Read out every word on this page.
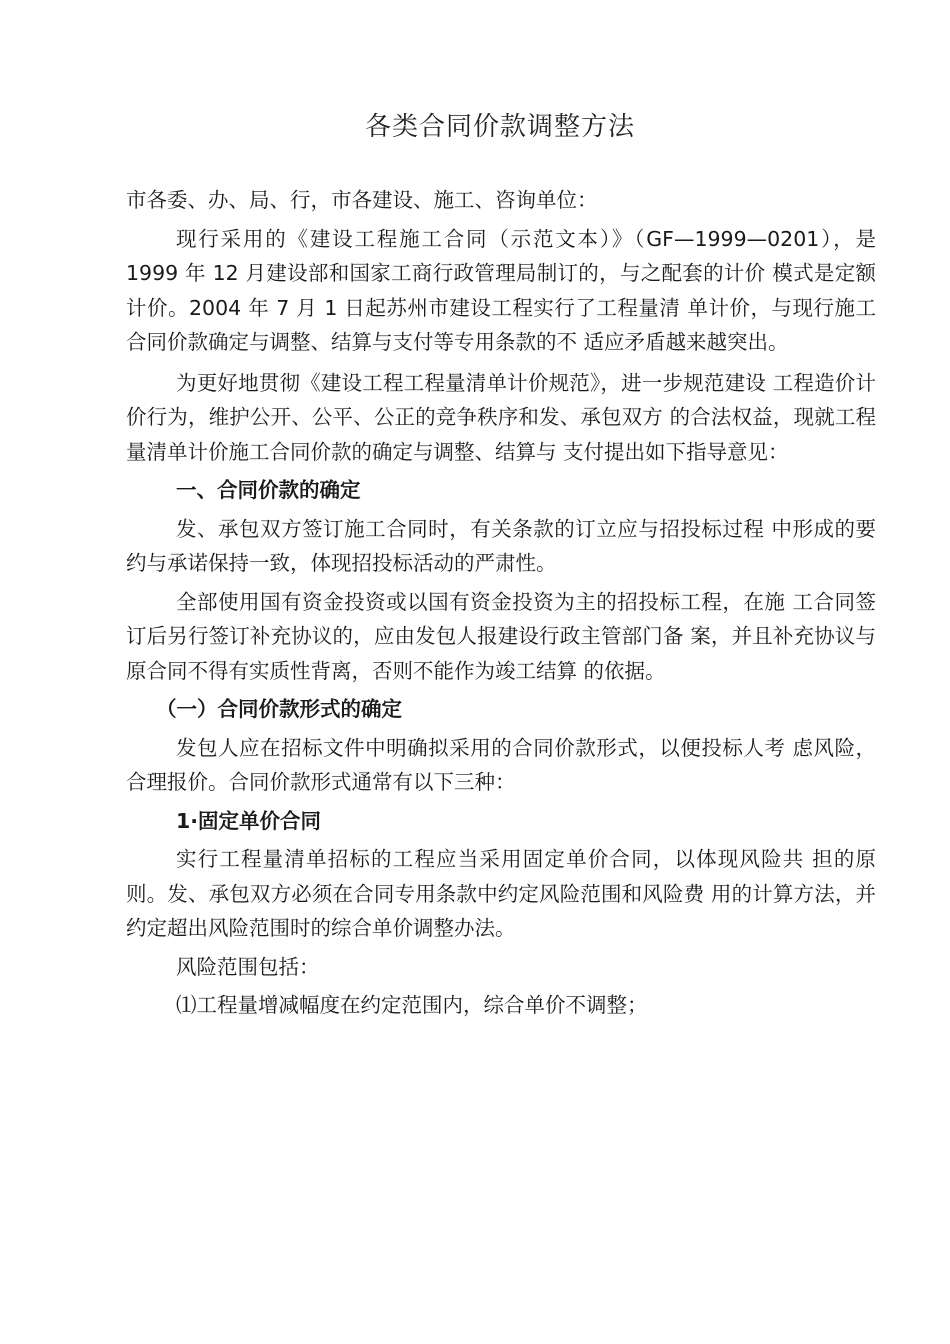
各类合同价款调整方法

市各委、办、局、行，市各建设、施工、咨询单位：

现行采用的《建设工程施工合同（示范文本）》（GF—1999—0201），是 1999 年 12 月建设部和国家工商行政管理局制订的，与之配套的计价 模式是定额计价。2004 年 7 月 1 日起苏州市建设工程实行了工程量清 单计价，与现行施工合同价款确定与调整、结算与支付等专用条款的不 适应矛盾越来越突出。

为更好地贯彻《建设工程工程量清单计价规范》，进一步规范建设 工程造价计价行为，维护公开、公平、公正的竞争秩序和发、承包双方 的合法权益，现就工程量清单计价施工合同价款的确定与调整、结算与 支付提出如下指导意见：

一、合同价款的确定

发、承包双方签订施工合同时，有关条款的订立应与招投标过程 中形成的要约与承诺保持一致，体现招投标活动的严肃性。

全部使用国有资金投资或以国有资金投资为主的招投标工程，在施 工合同签订后另行签订补充协议的，应由发包人报建设行政主管部门备 案，并且补充协议与原合同不得有实质性背离，否则不能作为竣工结算 的依据。

（一）合同价款形式的确定

发包人应在招标文件中明确拟采用的合同价款形式，以便投标人考 虑风险，合理报价。合同价款形式通常有以下三种：

1·固定单价合同

实行工程量清单招标的工程应当采用固定单价合同，以体现风险共 担的原则。发、承包双方必须在合同专用条款中约定风险范围和风险费 用的计算方法，并约定超出风险范围时的综合单价调整办法。

风险范围包括：

⑴工程量增减幅度在约定范围内，综合单价不调整；
